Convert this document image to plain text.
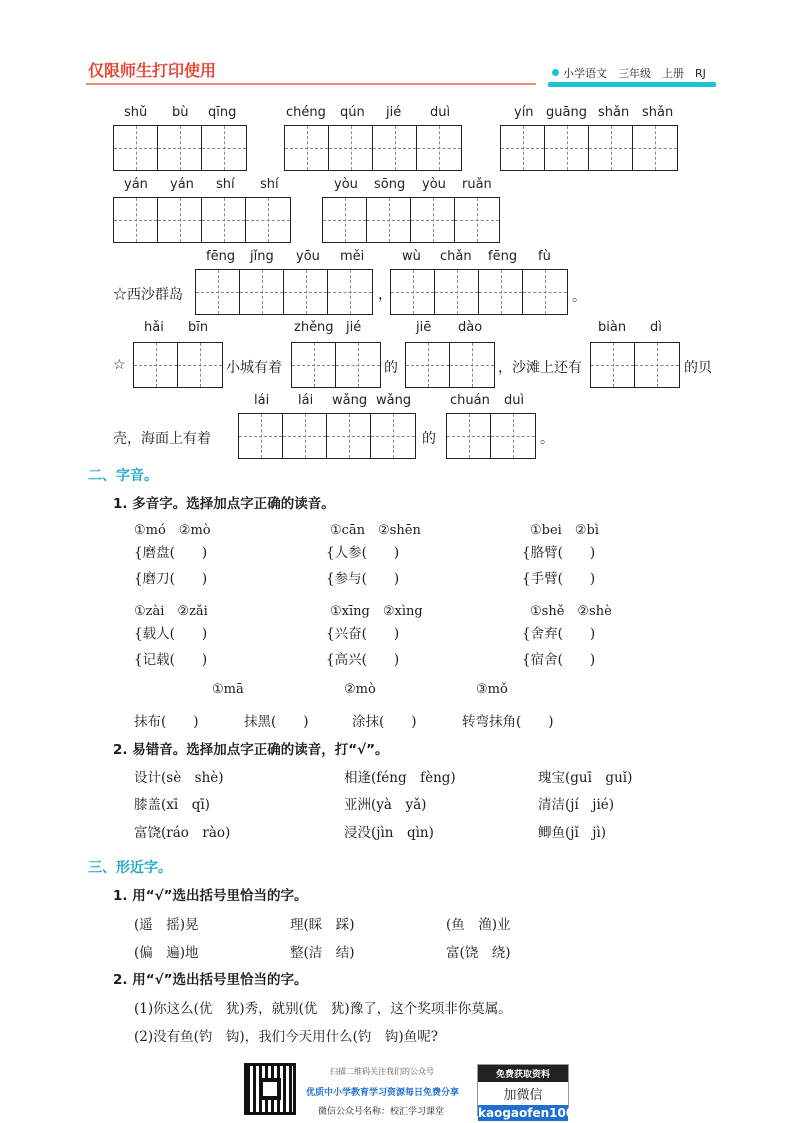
仅限师生打印使用	小学语文　 三年级　 上册　 RJ
shǔ bù qīng	chéng qún jié duì	yín guāng shǎn shǎn
yán yán shí shí	yòu sōng yòu ruǎn
fēng jǐng yōu měi
☆西沙群岛	，
wù chǎn fēng fù
。
hǎi bīn
☆	小城有着
zhěng jié
的
jiē dào
，沙滩上还有
biàn dì
的贝
lái lái wǎng wǎng
壳，海面上有着	的
chuán duì
。
二、字音。
1. 多音字。选择加点字正确的读音。
①mó　②mò
{磨盘(　　)
{磨刀(　　)
①cān　②shēn
{人参(　　)
{参与(　　)
①bei　②bì
{胳臂(　　)
{手臂(　　)
①zài　②zǎi
{载人(　　)
{记载(　　)
①xīng　②xìng
{兴奋(　　)
{高兴(　　)
①shě　②shè
{舍弃(　　)
{宿舍(　　)
①mā	②mò	③mǒ
抹布(　　)	抹黑(　　)	涂抹(　　)	转弯抹角(　　)
2. 易错音。选择加点字正确的读音，打“√”。
设计(sè　shè)	相逢(féng　fèng)	瑰宝(guī　guǐ)
膝盖(xī　qī)	亚洲(yà　yǎ)	清洁(jí　jié)
富饶(ráo　rào)	浸没(jìn　qìn)	鲫鱼(jǐ　jì)
三、形近字。
1. 用“√”选出括号里恰当的字。
(遥　摇)晃	理(睬　踩)	(鱼　渔)业
(偏　遍)地	整(洁　结)	富(饶　绕)
2. 用“√”选出括号里恰当的字。
(1)你这么(优　犹)秀，就别(优　犹)豫了，这个奖项非你莫属。
(2)没有鱼(钓　钩)，我们今天用什么(钓　钩)鱼呢?
扫描二维码关注我们的公众号
优质中小学教育学习资源每日免费分享
微信公众号名称：校汇学习课堂
免费获取资料
加微信
kaogaofen100
